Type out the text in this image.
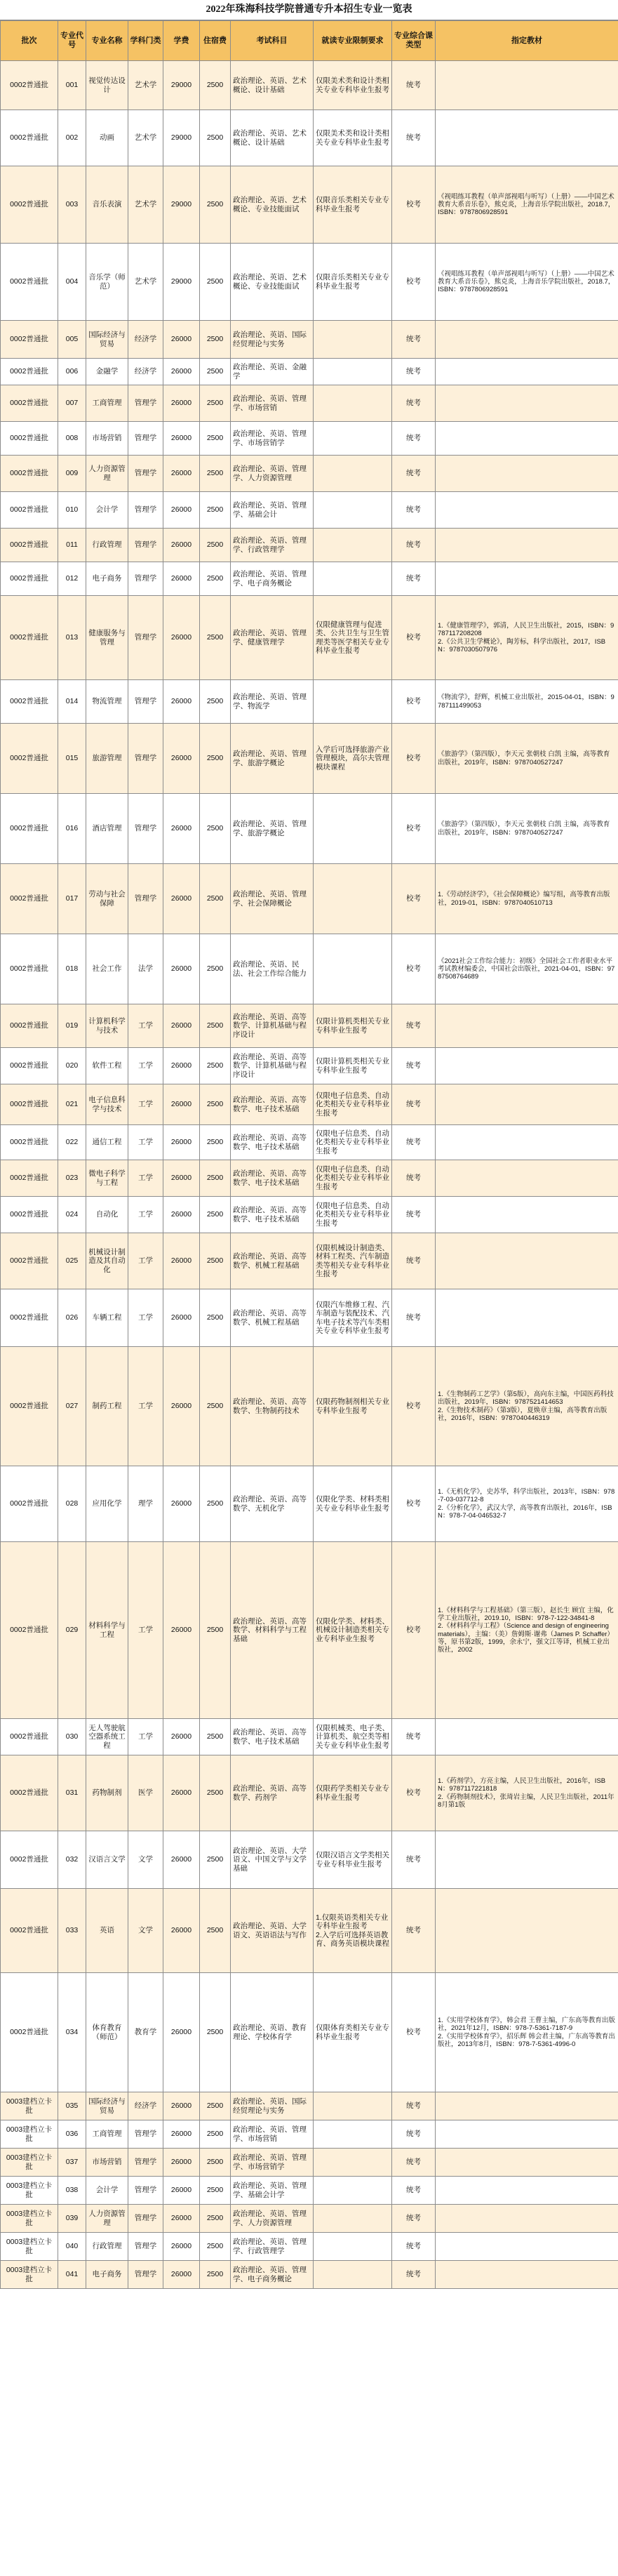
2022年珠海科技学院普通专升本招生专业一览表
批次	专业代号	专业名称	学科门类	学费	住宿费	考试科目	就读专业限制要求	专业综合课类型	指定教材
0002普通批	001	视觉传达设计	艺术学	29000	2500	政治理论、英语、艺术概论、设计基础	仅限美术类和设计类相关专业专科毕业生报考	统考	
0002普通批	002	动画	艺术学	29000	2500	政治理论、英语、艺术概论、设计基础	仅限美术类和设计类相关专业专科毕业生报考	统考	
0002普通批	003	音乐表演	艺术学	29000	2500	政治理论、英语、艺术概论、专业技能面试	仅限音乐类相关专业专科毕业生报考	校考	《视唱练耳教程（单声部视唱与听写）（上册）——中国艺术教育大系音乐卷》，熊克炎，上海音乐学院出版社，2018.7，ISBN：9787806928591
0002普通批	004	音乐学（师范）	艺术学	29000	2500	政治理论、英语、艺术概论、专业技能面试	仅限音乐类相关专业专科毕业生报考	校考	《视唱练耳教程（单声部视唱与听写）（上册）——中国艺术教育大系音乐卷》，熊克炎，上海音乐学院出版社，2018.7，ISBN：9787806928591
0002普通批	005	国际经济与贸易	经济学	26000	2500	政治理论、英语、国际经贸理论与实务		统考	
0002普通批	006	金融学	经济学	26000	2500	政治理论、英语、金融学		统考	
0002普通批	007	工商管理	管理学	26000	2500	政治理论、英语、管理学、市场营销		统考	
0002普通批	008	市场营销	管理学	26000	2500	政治理论、英语、管理学、市场营销学		统考	
0002普通批	009	人力资源管理	管理学	26000	2500	政治理论、英语、管理学、人力资源管理		统考	
0002普通批	010	会计学	管理学	26000	2500	政治理论、英语、管理学、基础会计		统考	
0002普通批	011	行政管理	管理学	26000	2500	政治理论、英语、管理学、行政管理学		统考	
0002普通批	012	电子商务	管理学	26000	2500	政治理论、英语、管理学、电子商务概论		统考	
0002普通批	013	健康服务与管理	管理学	26000	2500	政治理论、英语、管理学、健康管理学	仅限健康管理与促进类、公共卫生与卫生管理类等医学相关专业专科毕业生报考	校考	1.《健康管理学》，郭清，人民卫生出版社，2015，ISBN：9787117208208
2.《公共卫生学概论》，陶芳标，科学出版社，2017，ISBN：9787030507976
0002普通批	014	物流管理	管理学	26000	2500	政治理论、英语、管理学、物流学		校考	《物流学》，舒辉，机械工业出版社，2015-04-01，ISBN：9787111499053
0002普通批	015	旅游管理	管理学	26000	2500	政治理论、英语、管理学、旅游学概论	入学后可选择旅游产业管理模块，高尔夫管理模块课程	校考	《旅游学》（第四版），李天元 张朝枝 白凯 主编，高等教育出版社，2019年，ISBN：9787040527247
0002普通批	016	酒店管理	管理学	26000	2500	政治理论、英语、管理学、旅游学概论		校考	《旅游学》（第四版），李天元 张朝枝 白凯 主编，高等教育出版社，2019年，ISBN：9787040527247
0002普通批	017	劳动与社会保障	管理学	26000	2500	政治理论、英语、管理学、社会保障概论		校考	1.《劳动经济学》，《社会保障概论》编写组，高等教育出版社，2019-01，ISBN：9787040510713
0002普通批	018	社会工作	法学	26000	2500	政治理论、英语、民法、社会工作综合能力		校考	《2021社会工作综合能力：初级》全国社会工作者职业水平考试教材编委会，中国社会出版社，2021-04-01，ISBN：9787508764689
0002普通批	019	计算机科学与技术	工学	26000	2500	政治理论、英语、高等数学、计算机基础与程序设计	仅限计算机类相关专业专科毕业生报考	统考	
0002普通批	020	软件工程	工学	26000	2500	政治理论、英语、高等数学、计算机基础与程序设计	仅限计算机类相关专业专科毕业生报考	统考	
0002普通批	021	电子信息科学与技术	工学	26000	2500	政治理论、英语、高等数学、电子技术基础	仅限电子信息类、自动化类相关专业专科毕业生报考	统考	
0002普通批	022	通信工程	工学	26000	2500	政治理论、英语、高等数学、电子技术基础	仅限电子信息类、自动化类相关专业专科毕业生报考	统考	
0002普通批	023	微电子科学与工程	工学	26000	2500	政治理论、英语、高等数学、电子技术基础	仅限电子信息类、自动化类相关专业专科毕业生报考	统考	
0002普通批	024	自动化	工学	26000	2500	政治理论、英语、高等数学、电子技术基础	仅限电子信息类、自动化类相关专业专科毕业生报考	统考	
0002普通批	025	机械设计制造及其自动化	工学	26000	2500	政治理论、英语、高等数学、机械工程基础	仅限机械设计制造类、材料工程类、汽车制造类等相关专业专科毕业生报考	统考	
0002普通批	026	车辆工程	工学	26000	2500	政治理论、英语、高等数学、机械工程基础	仅限汽车维修工程、汽车制造与装配技术、汽车电子技术等汽车类相关专业专科毕业生报考	统考	
0002普通批	027	制药工程	工学	26000	2500	政治理论、英语、高等数学、生物制药技术	仅限药物制剂相关专业专科毕业生报考	校考	1.《生物制药工艺学》（第5版），高向东主编，中国医药科技出版社，2019年，ISBN：9787521414653
2.《生物技术制药》（第3版），夏焕章主编，高等教育出版社，2016年，ISBN：9787040446319
0002普通批	028	应用化学	理学	26000	2500	政治理论、英语、高等数学、无机化学	仅限化学类、材料类相关专业专科毕业生报考	校考	1.《无机化学》，史苏华，科学出版社，2013年，ISBN：978-7-03-037712-8
2.《分析化学》，武汉大学，高等教育出版社，2016年，ISBN：978-7-04-046532-7
0002普通批	029	材料科学与工程	工学	26000	2500	政治理论、英语、高等数学、材料科学与工程基础	仅限化学类、材料类、机械设计制造类相关专业专科毕业生报考	校考	1.《材料科学与工程基础》（第三版），赵长生 顾宜 主编，化学工业出版社，2019.10，ISBN：978-7-122-34841-8
2.《材料科学与工程》（Science and design of engineering materials），主编：（美）詹姆斯·谢弗（James P. Schaffer）等，原书第2版，1999，余永宁，强文江等译，机械工业出版社，2002
0002普通批	030	无人驾驶航空器系统工程	工学	26000	2500	政治理论、英语、高等数学、电子技术基础	仅限机械类、电子类、计算机类、航空类等相关专业专科毕业生报考	统考	
0002普通批	031	药物制剂	医学	26000	2500	政治理论、英语、高等数学、药剂学	仅限药学类相关专业专科毕业生报考	校考	1.《药剂学》，方亮主编，人民卫生出版社，2016年，ISBN：9787117221818
2.《药物制剂技术》，张琦岩主编，人民卫生出版社，2011年8月第1版
0002普通批	032	汉语言文学	文学	26000	2500	政治理论、英语、大学语文、中国文学与文学基础	仅限汉语言文学类相关专业专科毕业生报考	统考	
0002普通批	033	英语	文学	26000	2500	政治理论、英语、大学语文、英语语法与写作	1.仅限英语类相关专业专科毕业生报考
2.入学后可选择英语教育、商务英语模块课程	统考	
0002普通批	034	体育教育（师范）	教育学	26000	2500	政治理论、英语、教育理论、学校体育学	仅限体育类相关专业专科毕业生报考	校考	1.《实用学校体育学》，韩会君 王曹主编，广东高等教育出版社，2021年12月，ISBN：978-7-5361-7187-9
2.《实用学校体育学》，招乐辉 韩会君主编，广东高等教育出版社，2013年8月，ISBN：978-7-5361-4996-0
0003建档立卡批	035	国际经济与贸易	经济学	26000	2500	政治理论、英语、国际经贸理论与实务		统考	
0003建档立卡批	036	工商管理	管理学	26000	2500	政治理论、英语、管理学、市场营销		统考	
0003建档立卡批	037	市场营销	管理学	26000	2500	政治理论、英语、管理学、市场营销学		统考	
0003建档立卡批	038	会计学	管理学	26000	2500	政治理论、英语、管理学、基础会计学		统考	
0003建档立卡批	039	人力资源管理	管理学	26000	2500	政治理论、英语、管理学、人力资源管理		统考	
0003建档立卡批	040	行政管理	管理学	26000	2500	政治理论、英语、管理学、行政管理学		统考	
0003建档立卡批	041	电子商务	管理学	26000	2500	政治理论、英语、管理学、电子商务概论		统考	
